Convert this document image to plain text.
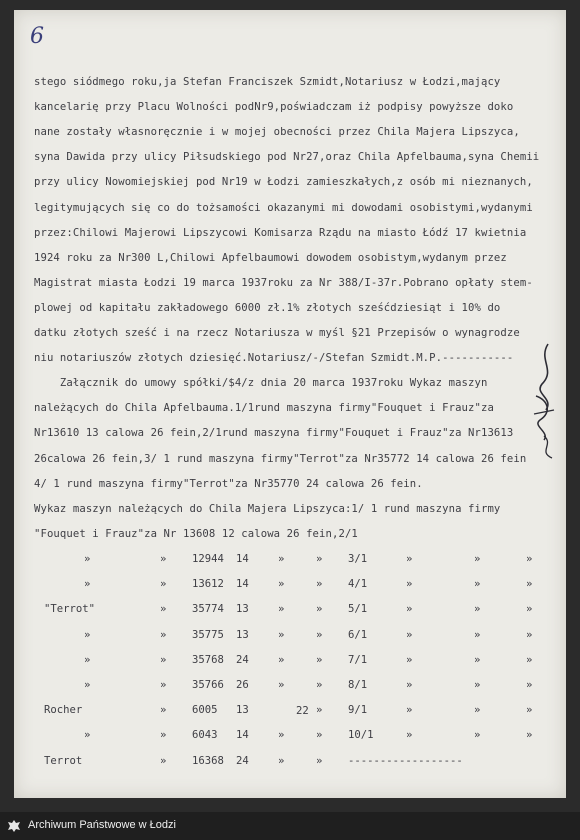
6
stego siódmego roku,ja Stefan Franciszek Szmidt,Notariusz w Łodzi,mający
kancelarię przy Placu Wolności podNr9,poświadczam iż podpisy powyższe doko
nane zostały własnoręcznie i w mojej obecności przez Chila Majera Lipszyca,
syna Dawida przy ulicy Piłsudskiego pod Nr27,oraz Chila Apfelbauma,syna Chemii
przy ulicy Nowomiejskiej pod Nr19 w Łodzi zamieszkałych,z osób mi nieznanych,
legitymujących się co do tożsamości okazanymi mi dowodami osobistymi,wydanymi
przez:Chilowi Majerowi Lipszycowi Komisarza Rządu na miasto Łódź 17 kwietnia
1924 roku za Nr300 L,Chilowi Apfelbaumowi dowodem osobistym,wydanym przez
Magistrat miasta Łodzi 19 marca 1937roku za Nr 388/I-37r.Pobrano opłaty stem-
plowej od kapitału zakładowego 6000 zł.1% złotych sześćdziesiąt i 10% do
datku złotych sześć i na rzecz Notariusza w myśl §21 Przepisów o wynagrodze
niu notariuszów złotych dziesięć.Notariusz/-/Stefan Szmidt.M.P.-----------
Załącznik do umowy spółki/$4/z dnia 20 marca 1937roku Wykaz maszyn
należących do Chila Apfelbauma.1/1rund maszyna firmy"Fouquet i Frauz"za
Nr13610 13 calowa 26 fein,2/1rund maszyna firmy"Fouquet i Frauz"za Nr13613
26calowa 26 fein,3/ 1 rund maszyna firmy"Terrot"za Nr35772 14 calowa 26 fein
4/ 1 rund maszyna firmy"Terrot"za Nr35770 24 calowa 26 fein.
Wykaz maszyn należących do Chila Majera Lipszyca:1/ 1 rund maszyna firmy
"Fouquet i Frauz"za Nr 13608 12 calowa 26 fein,2/1
»	» 12944 14	»	» 3/1	»	»	»
»	» 13612 14	»	» 4/1	»	»	»
"Terrot"	» 35774 13	»	» 5/1	»	»	»
»	» 35775 13	»	» 6/1	»	»	»
»	» 35768 24	»	» 7/1	»	»	»
»	» 35766 26	»	» 8/1	»	»	»
Rocher	» 6005 13	22 » 9/1	»	»	»
»	» 6043 14	»	» 10/1	»	»	»
Terrot	» 16368 24	»	» ------------------
Archiwum Państwowe w Łodzi
